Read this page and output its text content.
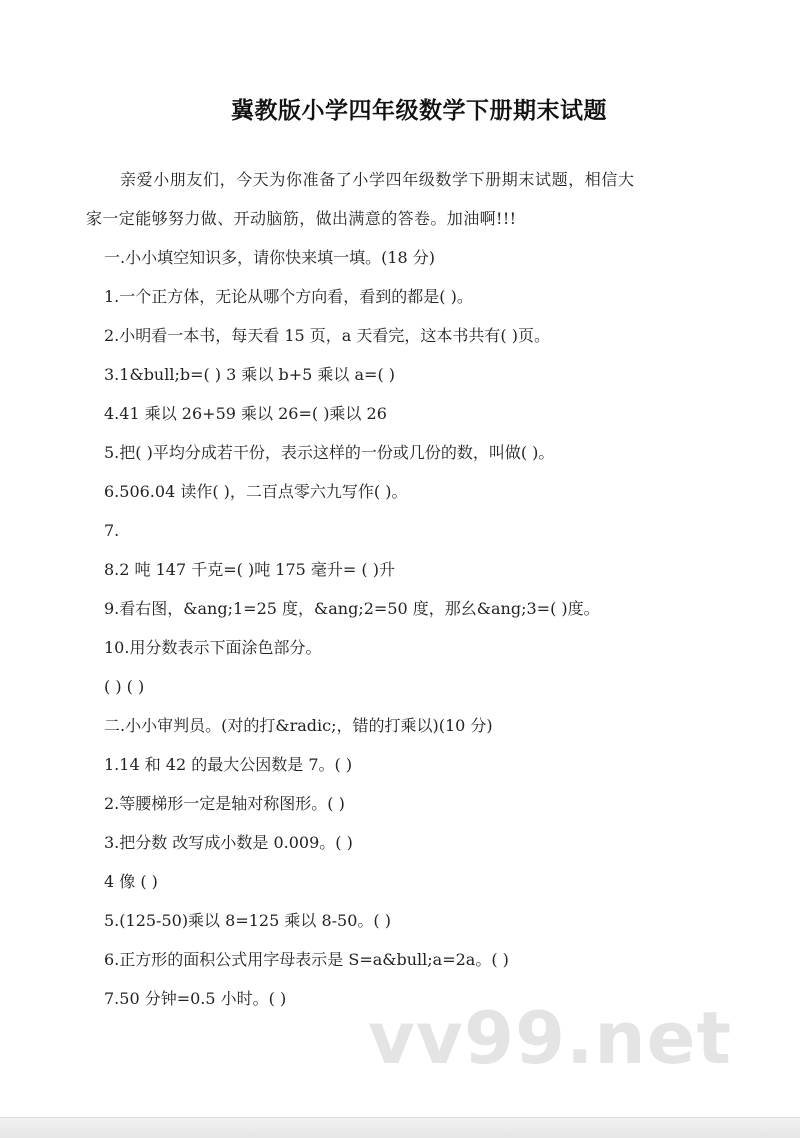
冀教版小学四年级数学下册期末试题
亲爱小朋友们，今天为你准备了小学四年级数学下册期末试题，相信大
家一定能够努力做、开动脑筋，做出满意的答卷。加油啊!!!
一.小小填空知识多，请你快来填一填。(18 分)
1.一个正方体，无论从哪个方向看，看到的都是( )。
2.小明看一本书，每天看 15 页，a 天看完，这本书共有( )页。
3.1&bull;b=( ) 3 乘以 b+5 乘以 a=( )
4.41 乘以 26+59 乘以 26=( )乘以 26
5.把( )平均分成若干份，表示这样的一份或几份的数，叫做( )。
6.506.04 读作( )，二百点零六九写作( )。
7.
8.2 吨 147 千克=( )吨 175 毫升= ( )升
9.看右图，&ang;1=25 度，&ang;2=50 度，那幺&ang;3=( )度。
10.用分数表示下面涂色部分。
( ) ( )
二.小小审判员。(对的打&radic;，错的打乘以)(10 分)
1.14 和 42 的最大公因数是 7。( )
2.等腰梯形一定是轴对称图形。( )
3.把分数 改写成小数是 0.009。( )
4 像 ( )
5.(125-50)乘以 8=125 乘以 8-50。( )
6.正方形的面积公式用字母表示是 S=a&bull;a=2a。( )
7.50 分钟=0.5 小时。( ) vv99.net
